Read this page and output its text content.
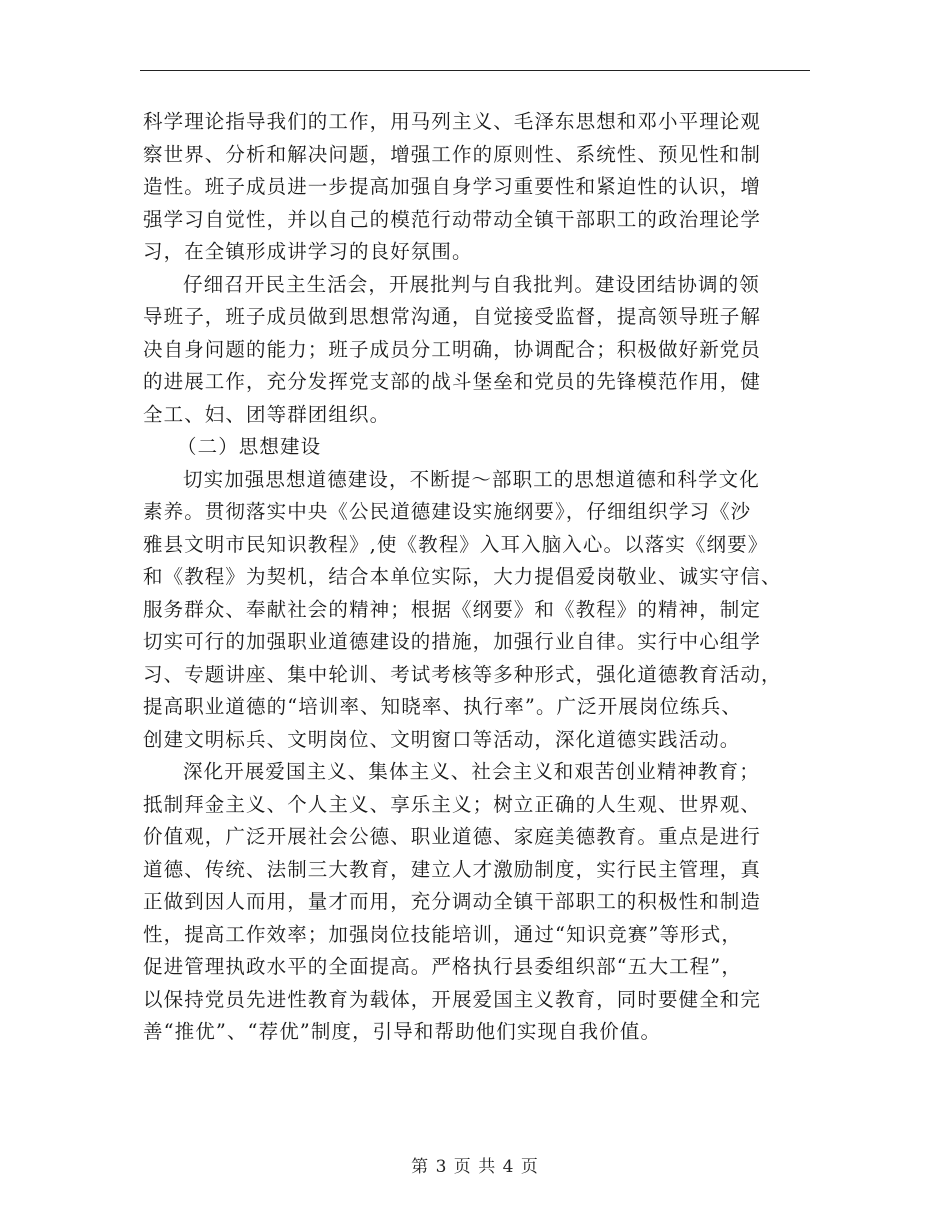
科学理论指导我们的工作，用马列主义、毛泽东思想和邓小平理论观
察世界、分析和解决问题，增强工作的原则性、系统性、预见性和制
造性。班子成员进一步提高加强自身学习重要性和紧迫性的认识，增
强学习自觉性，并以自己的模范行动带动全镇干部职工的政治理论学
习，在全镇形成讲学习的良好氛围。
仔细召开民主生活会，开展批判与自我批判。建设团结协调的领
导班子，班子成员做到思想常沟通，自觉接受监督，提高领导班子解
决自身问题的能力；班子成员分工明确，协调配合；积极做好新党员
的进展工作，充分发挥党支部的战斗堡垒和党员的先锋模范作用，健
全工、妇、团等群团组织。
（二）思想建设
切实加强思想道德建设，不断提～部职工的思想道德和科学文化
素养。贯彻落实中央《公民道德建设实施纲要》，仔细组织学习《沙
雅县文明市民知识教程》,使《教程》入耳入脑入心。以落实《纲要》
和《教程》为契机，结合本单位实际，大力提倡爱岗敬业、诚实守信、
服务群众、奉献社会的精神；根据《纲要》和《教程》的精神，制定
切实可行的加强职业道德建设的措施，加强行业自律。实行中心组学
习、专题讲座、集中轮训、考试考核等多种形式，强化道德教育活动，
提高职业道德的“培训率、知晓率、执行率”。广泛开展岗位练兵、
创建文明标兵、文明岗位、文明窗口等活动，深化道德实践活动。
深化开展爱国主义、集体主义、社会主义和艰苦创业精神教育；
抵制拜金主义、个人主义、享乐主义；树立正确的人生观、世界观、
价值观，广泛开展社会公德、职业道德、家庭美德教育。重点是进行
道德、传统、法制三大教育，建立人才激励制度，实行民主管理，真
正做到因人而用，量才而用，充分调动全镇干部职工的积极性和制造
性，提高工作效率；加强岗位技能培训，通过“知识竞赛”等形式，
促进管理执政水平的全面提高。严格执行县委组织部“五大工程”，
以保持党员先进性教育为载体，开展爱国主义教育，同时要健全和完
善“推优”、“荐优”制度，引导和帮助他们实现自我价值。
第 3 页 共 4 页
